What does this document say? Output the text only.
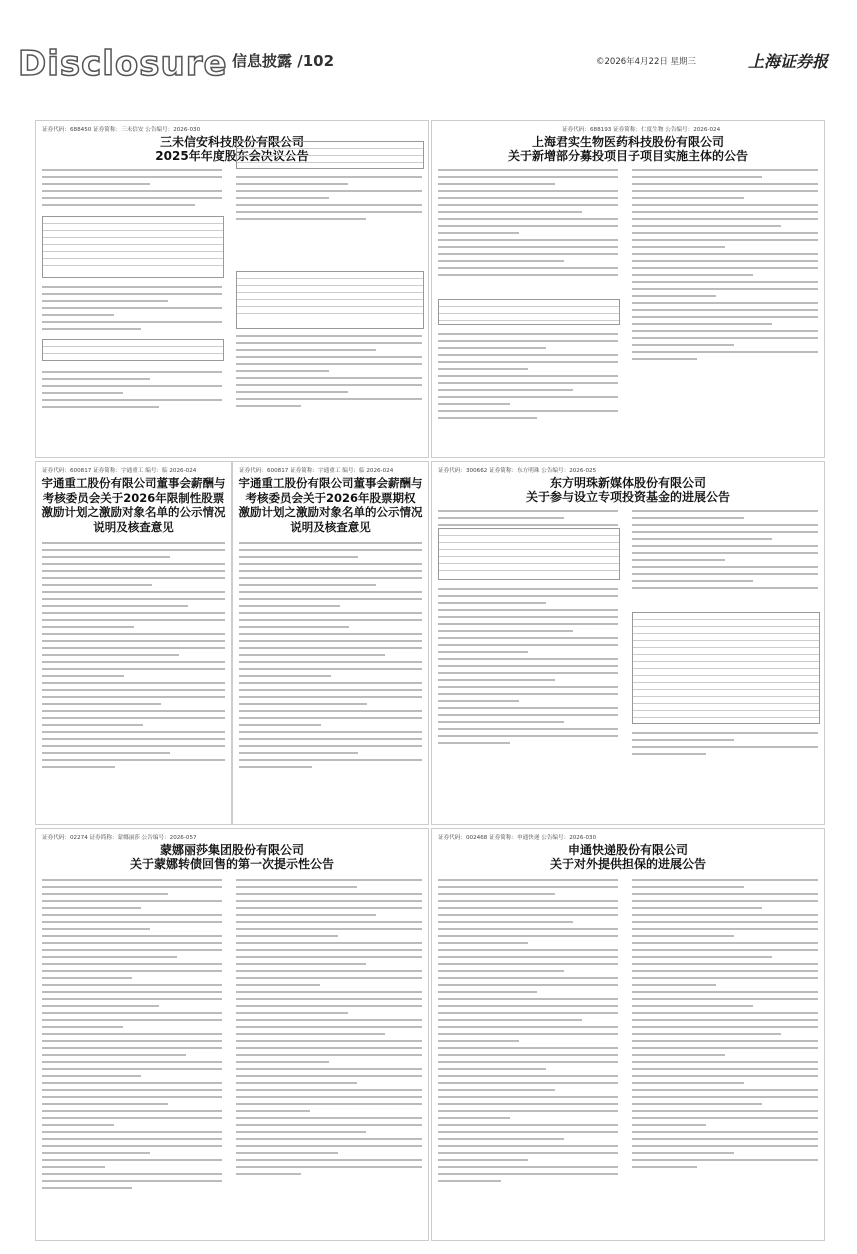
Disclosure 信息披露 /102	©2026年4月22日 星期三	上海证券报
证券代码：688450 证券简称：三未信安 公告编号：2026-030
三未信安科技股份有限公司
2025年年度股东会决议公告
证券代码：688193 证券简称：仁度生物 公告编号：2026-024
上海君实生物医药科技股份有限公司
关于新增部分募投项目子项目实施主体的公告
证券代码：600817 证券简称：宇通重工 编号：临 2026-024
宇通重工股份有限公司董事会薪酬与
考核委员会关于2026年限制性股票
激励计划之激励对象名单的公示情况
说明及核查意见
证券代码：600817 证券简称：宇通重工 编号：临 2026-024
宇通重工股份有限公司董事会薪酬与
考核委员会关于2026年股票期权
激励计划之激励对象名单的公示情况
说明及核查意见
证券代码：300662 证券简称：东方明珠 公告编号：2026-025
东方明珠新媒体股份有限公司
关于参与设立专项投资基金的进展公告
证券代码：02274 证券简称：蒙娜丽莎 公告编号：2026-057
蒙娜丽莎集团股份有限公司
关于蒙娜转债回售的第一次提示性公告
证券代码：002468 证券简称：申通快递 公告编号：2026-030
申通快递股份有限公司
关于对外提供担保的进展公告
